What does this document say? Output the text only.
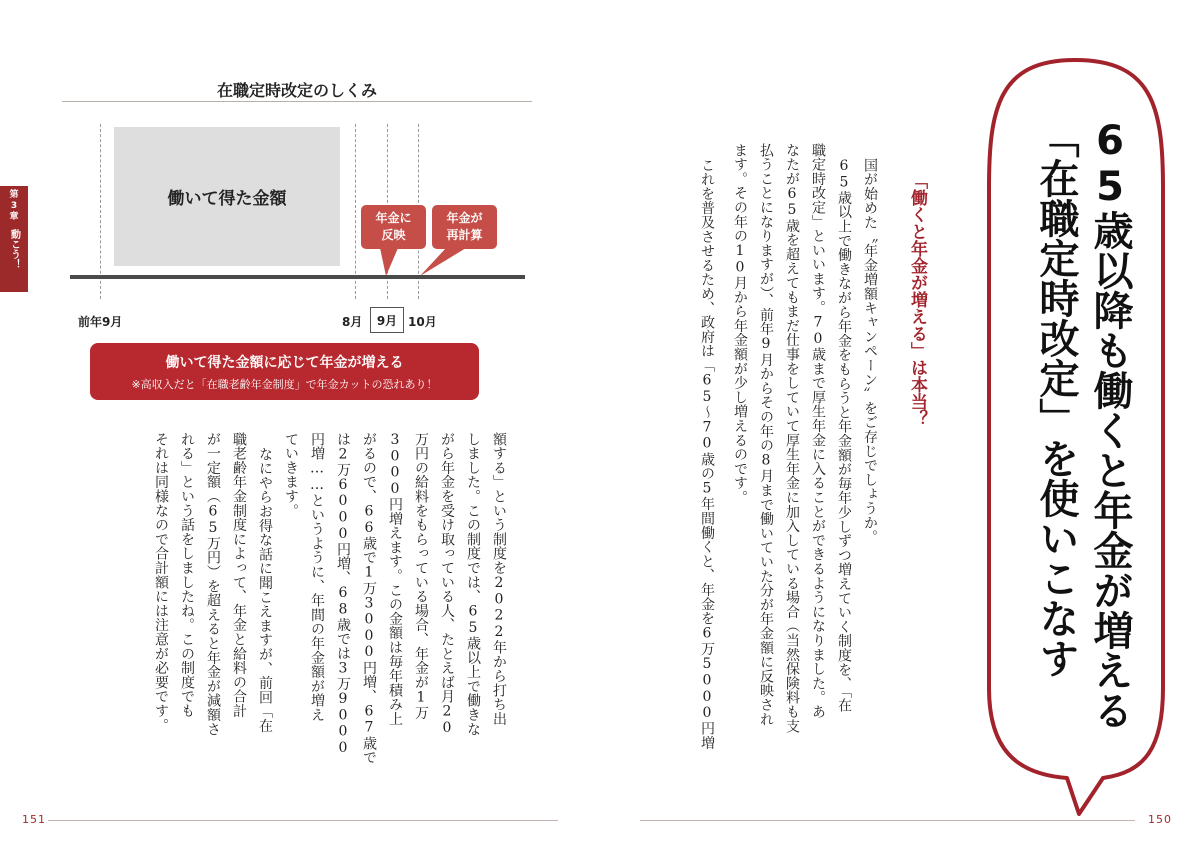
在職定時改定のしくみ
働いて得た金額
年金に
反映
年金が
再計算
前年9月	8月 9月 10月
働いて得た金額に応じて年金が増える
※高収入だと「在職老齢年金制度」で年金カットの恐れあり！
第
3
章
動こう！
額する」という制度を2022年から打ち出
しました。この制度では、65歳以上で働きな
がら年金を受け取っている人、たとえば月20
万円の給料をもらっている場合、年金が1万
3000円増えます。この金額は毎年積み上
がるので、66歳で1万3000円増、67歳で
は2万6000円増、68歳では3万9000
円増……というように、年間の年金額が増え
ていきます。
なにやらお得な話に聞こえますが、前回「在
職老齢年金制度によって、年金と給料の合計
が一定額（65万円）を超えると年金が減額さ
れる」という話をしましたね。この制度でも
それは同様なので合計額には注意が必要です。	65歳以降も働くと年金が増える
「在職定時改定」を使いこなす
「働くと年金が増える」は本当？
国が始めた〝年金増額キャンペーン〟をご存じでしょうか。
65歳以上で働きながら年金をもらうと年金額が毎年少しずつ増えていく制度を、「在
職定時改定」といいます。70歳まで厚生年金に入ることができるようになりました。あ
なたが65歳を超えてもまだ仕事をしていて厚生年金に加入している場合（当然保険料も支
払うことになりますが）、前年9月からその年の8月まで働いていた分が年金額に反映され
ます。その年の10月から年金額が少し増えるのです。
これを普及させるため、政府は「65〜70歳の5年間働くと、年金を6万5000円増
151	150
